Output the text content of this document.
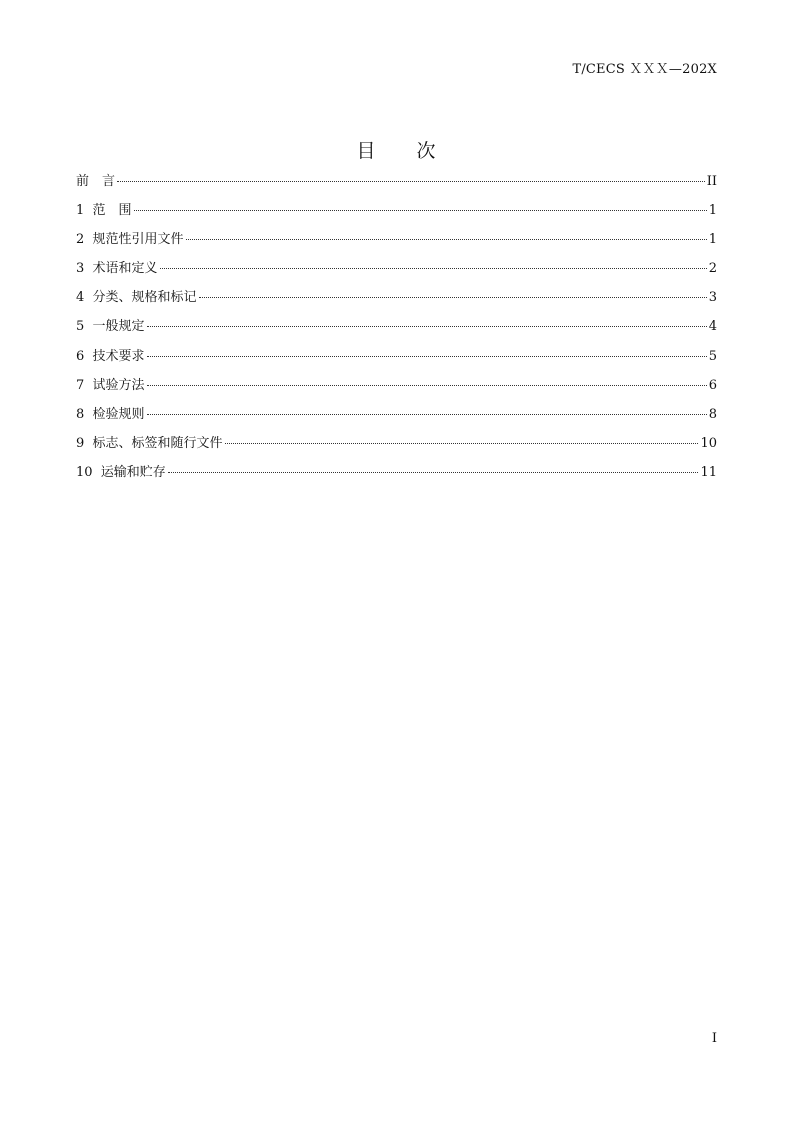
T/CECS ＸＸＸ—202X
目　　次
前　言	II
1  范　围	1
2  规范性引用文件	1
3  术语和定义	2
4  分类、规格和标记	3
5  一般规定	4
6  技术要求	5
7  试验方法	6
8  检验规则	8
9  标志、标签和随行文件	10
10  运输和贮存	11
I
